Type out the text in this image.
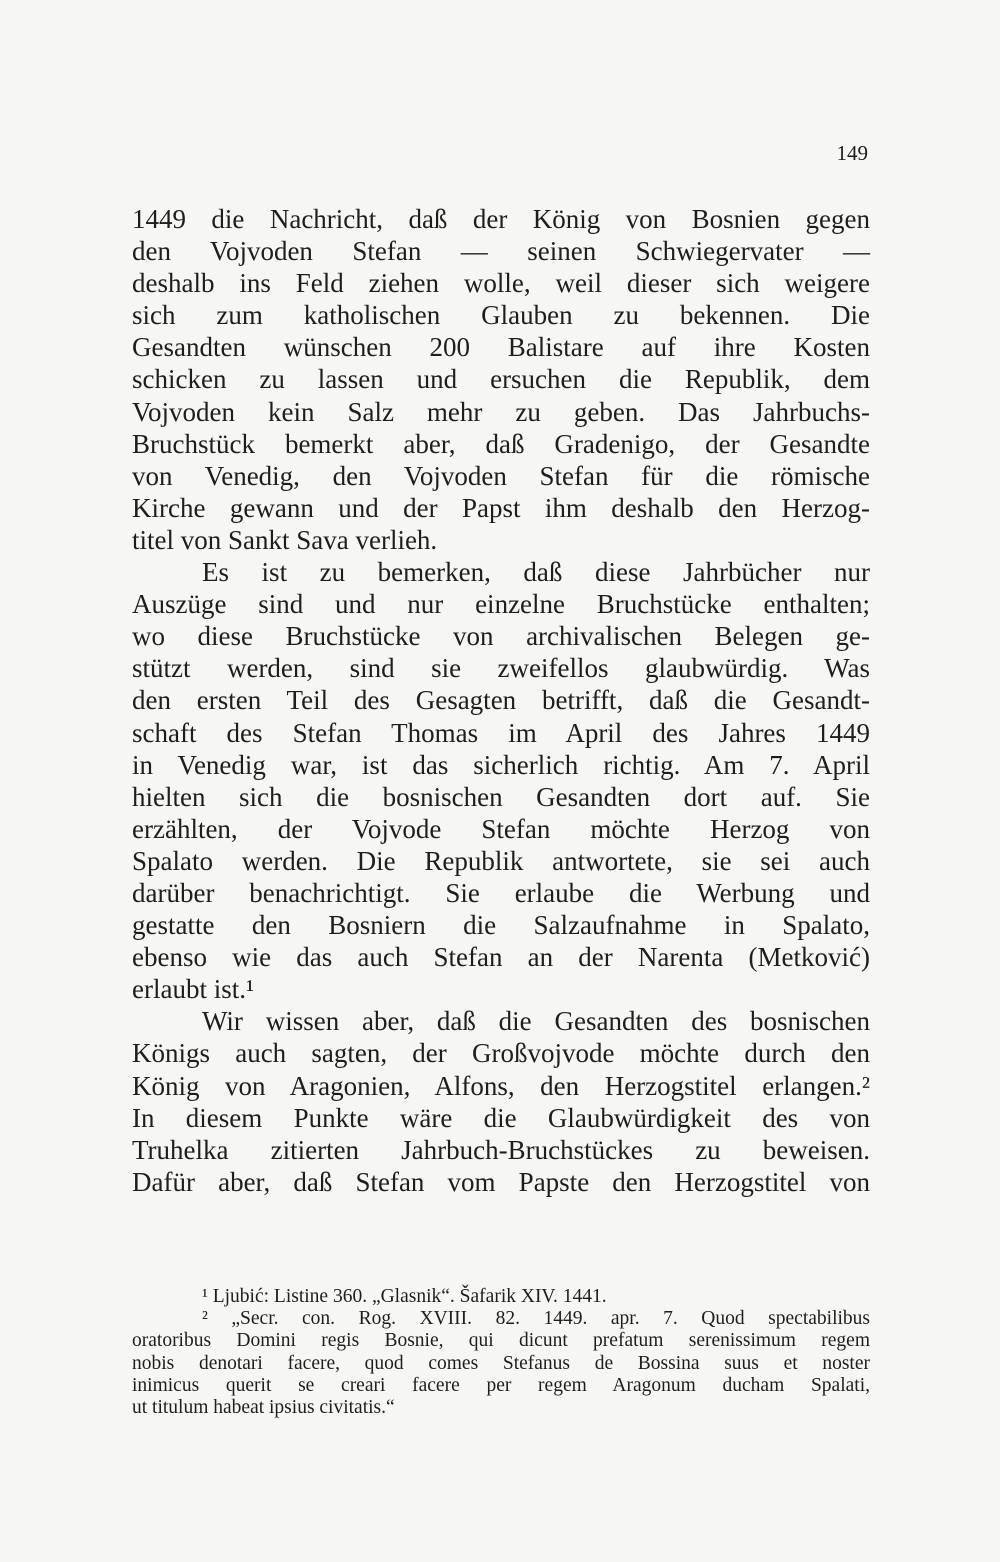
149
1449 die Nachricht, daß der König von Bosnien gegen
den Vojvoden Stefan — seinen Schwiegervater —
deshalb ins Feld ziehen wolle, weil dieser sich weigere
sich zum katholischen Glauben zu bekennen. Die
Gesandten wünschen 200 Balistare auf ihre Kosten
schicken zu lassen und ersuchen die Republik, dem
Vojvoden kein Salz mehr zu geben. Das Jahrbuchs-
Bruchstück bemerkt aber, daß Gradenigo, der Gesandte
von Venedig, den Vojvoden Stefan für die römische
Kirche gewann und der Papst ihm deshalb den Herzog-
titel von Sankt Sava verlieh.
Es ist zu bemerken, daß diese Jahrbücher nur
Auszüge sind und nur einzelne Bruchstücke enthalten;
wo diese Bruchstücke von archivalischen Belegen ge-
stützt werden, sind sie zweifellos glaubwürdig. Was
den ersten Teil des Gesagten betrifft, daß die Gesandt-
schaft des Stefan Thomas im April des Jahres 1449
in Venedig war, ist das sicherlich richtig. Am 7. April
hielten sich die bosnischen Gesandten dort auf. Sie
erzählten, der Vojvode Stefan möchte Herzog von
Spalato werden. Die Republik antwortete, sie sei auch
darüber benachrichtigt. Sie erlaube die Werbung und
gestatte den Bosniern die Salzaufnahme in Spalato,
ebenso wie das auch Stefan an der Narenta (Metković)
erlaubt ist.¹
Wir wissen aber, daß die Gesandten des bosnischen
Königs auch sagten, der Großvojvode möchte durch den
König von Aragonien, Alfons, den Herzogstitel erlangen.²
In diesem Punkte wäre die Glaubwürdigkeit des von
Truhelka zitierten Jahrbuch-Bruchstückes zu beweisen.
Dafür aber, daß Stefan vom Papste den Herzogstitel von
¹ Ljubić: Listine 360. „Glasnik“. Šafarik XIV. 1441.
² „Secr. con. Rog. XVIII. 82. 1449. apr. 7. Quod spectabilibus
oratoribus Domini regis Bosnie, qui dicunt prefatum serenissimum regem
nobis denotari facere, quod comes Stefanus de Bossina suus et noster
inimicus querit se creari facere per regem Aragonum ducham Spalati,
ut titulum habeat ipsius civitatis.“
